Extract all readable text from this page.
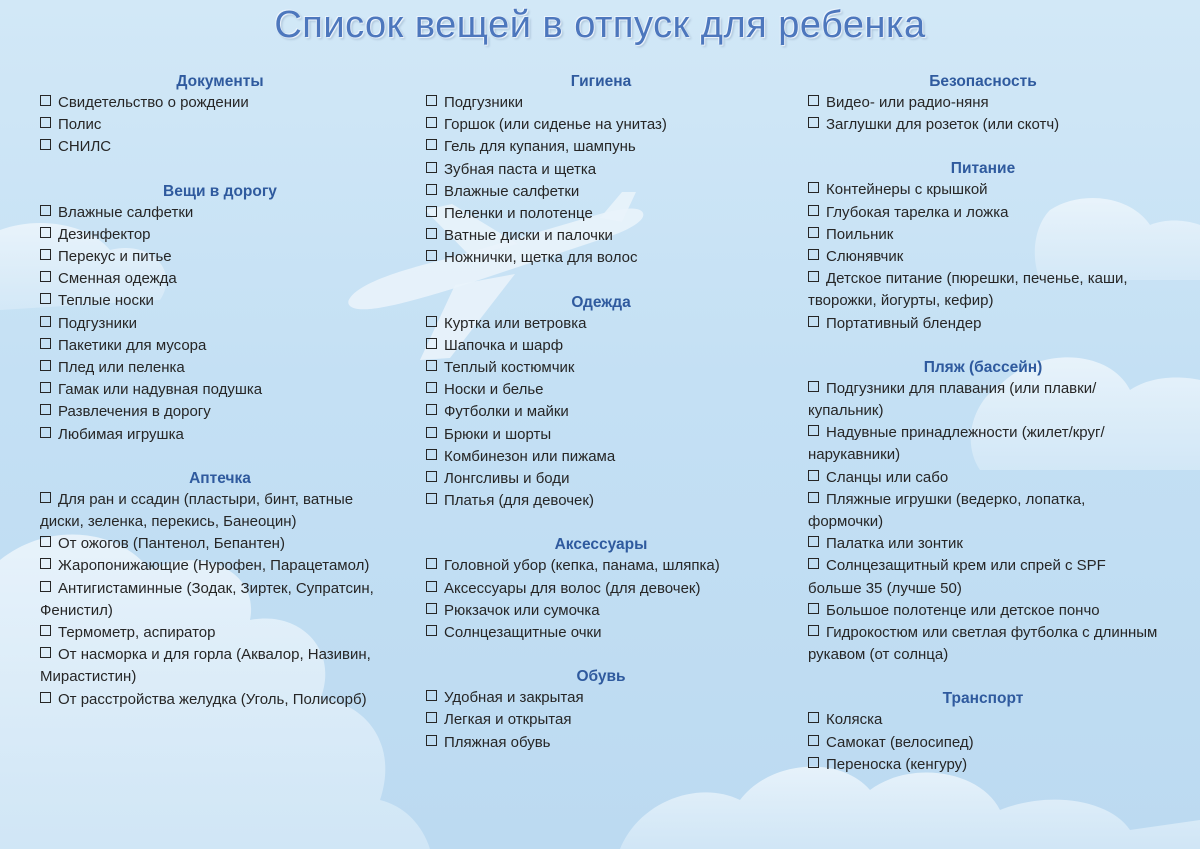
Список вещей в отпуск для ребенка
Документы
Свидетельство о рождении
Полис
СНИЛС
Вещи в дорогу
Влажные салфетки
Дезинфектор
Перекус и питье
Сменная одежда
Теплые носки
Подгузники
Пакетики для мусора
Плед или пеленка
Гамак или надувная подушка
Развлечения в дорогу
Любимая игрушка
Аптечка
Для ран и ссадин (пластыри, бинт, ватные диски, зеленка, перекись, Банеоцин)
От ожогов (Пантенол, Бепантен)
Жаропонижающие (Нурофен, Парацетамол)
Антигистаминные (Зодак, Зиртек, Супратсин, Фенистил)
Термометр, аспиратор
От насморка и для горла (Аквалор, Називин, Мирастистин)
От расстройства желудка (Уголь, Полисорб)
Гигиена
Подгузники
Горшок (или сиденье на унитаз)
Гель для купания, шампунь
Зубная паста и щетка
Влажные салфетки
Пеленки и полотенце
Ватные диски и палочки
Ножнички, щетка для волос
Одежда
Куртка или ветровка
Шапочка и шарф
Теплый костюмчик
Носки и белье
Футболки и майки
Брюки и шорты
Комбинезон или пижама
Лонгсливы и боди
Платья (для девочек)
Аксессуары
Головной убор (кепка, панама, шляпка)
Аксессуары для волос (для девочек)
Рюкзачок или сумочка
Солнцезащитные очки
Обувь
Удобная и закрытая
Легкая и открытая
Пляжная обувь
Безопасность
Видео- или радио-няня
Заглушки для розеток (или скотч)
Питание
Контейнеры с крышкой
Глубокая тарелка и ложка
Поильник
Слюнявчик
Детское питание (пюрешки, печенье, каши, творожки, йогурты, кефир)
Портативный блендер
Пляж (бассейн)
Подгузники для плавания (или плавки/купальник)
Надувные принадлежности (жилет/круг/нарукавники)
Сланцы или сабо
Пляжные игрушки (ведерко, лопатка, формочки)
Палатка или зонтик
Солнцезащитный крем или спрей с SPF больше 35 (лучше 50)
Большое полотенце или детское пончо
Гидрокостюм или светлая футболка с длинным рукавом (от солнца)
Транспорт
Коляска
Самокат (велосипед)
Переноска (кенгуру)
